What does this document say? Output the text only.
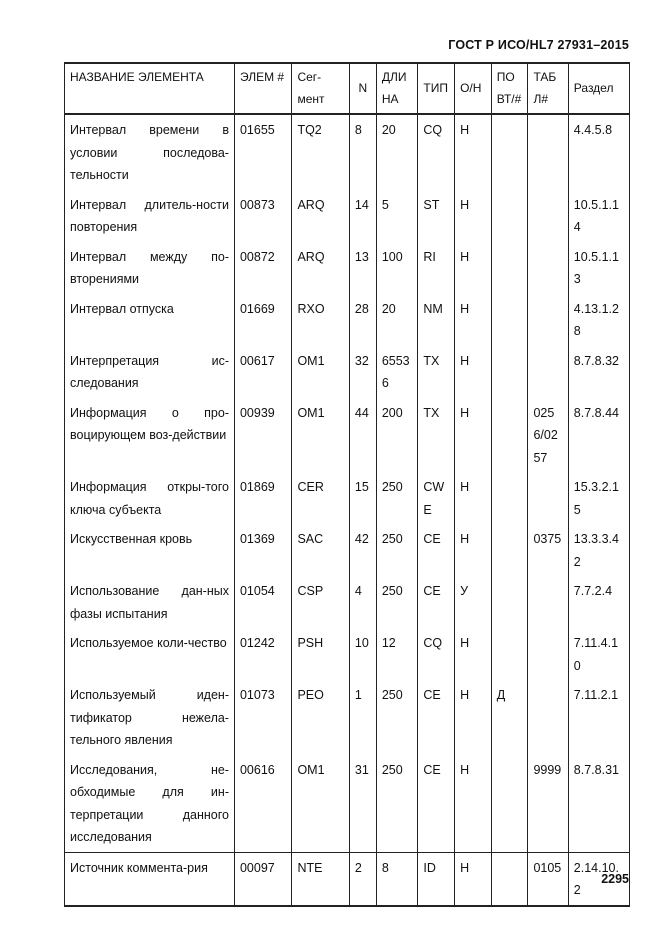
ГОСТ Р ИСО/HL7 27931–2015
НАЗВАНИЕ ЭЛЕМЕНТА	ЭЛЕМ #	Сег-мент	N	ДЛИНА	ТИП	О/Н	ПОВТ/#	ТАБЛ#	Раздел
Интервал времени в условии последова-тельности	01655	TQ2	8	20	CQ	Н			4.4.5.8
Интервал длитель-ности повторения	00873	ARQ	14	5	ST	Н			10.5.1.14
Интервал между по-вторениями	00872	ARQ	13	100	RI	Н			10.5.1.13
Интервал отпуска	01669	RXO	28	20	NM	Н			4.13.1.28
Интерпретация ис-следования	00617	OM1	32	65536	TX	Н			8.7.8.32
Информация о про-воцирующем воз-действии	00939	OM1	44	200	TX	Н		0256/0257	8.7.8.44
Информация откры-того ключа субъекта	01869	CER	15	250	CWE	Н			15.3.2.15
Искусственная кровь	01369	SAC	42	250	CE	Н		0375	13.3.3.42
Использование дан-ных фазы испытания	01054	CSP	4	250	CE	У			7.7.2.4
Используемое коли-чество	01242	PSH	10	12	CQ	Н			7.11.4.10
Используемый иден-тификатор нежела-тельного явления	01073	PEO	1	250	CE	Н	Д		7.11.2.1
Исследования, не-обходимые для ин-терпретации данного исследования	00616	OM1	31	250	CE	Н		9999	8.7.8.31
Источник коммента-рия	00097	NTE	2	8	ID	Н		0105	2.14.10.2
2295
